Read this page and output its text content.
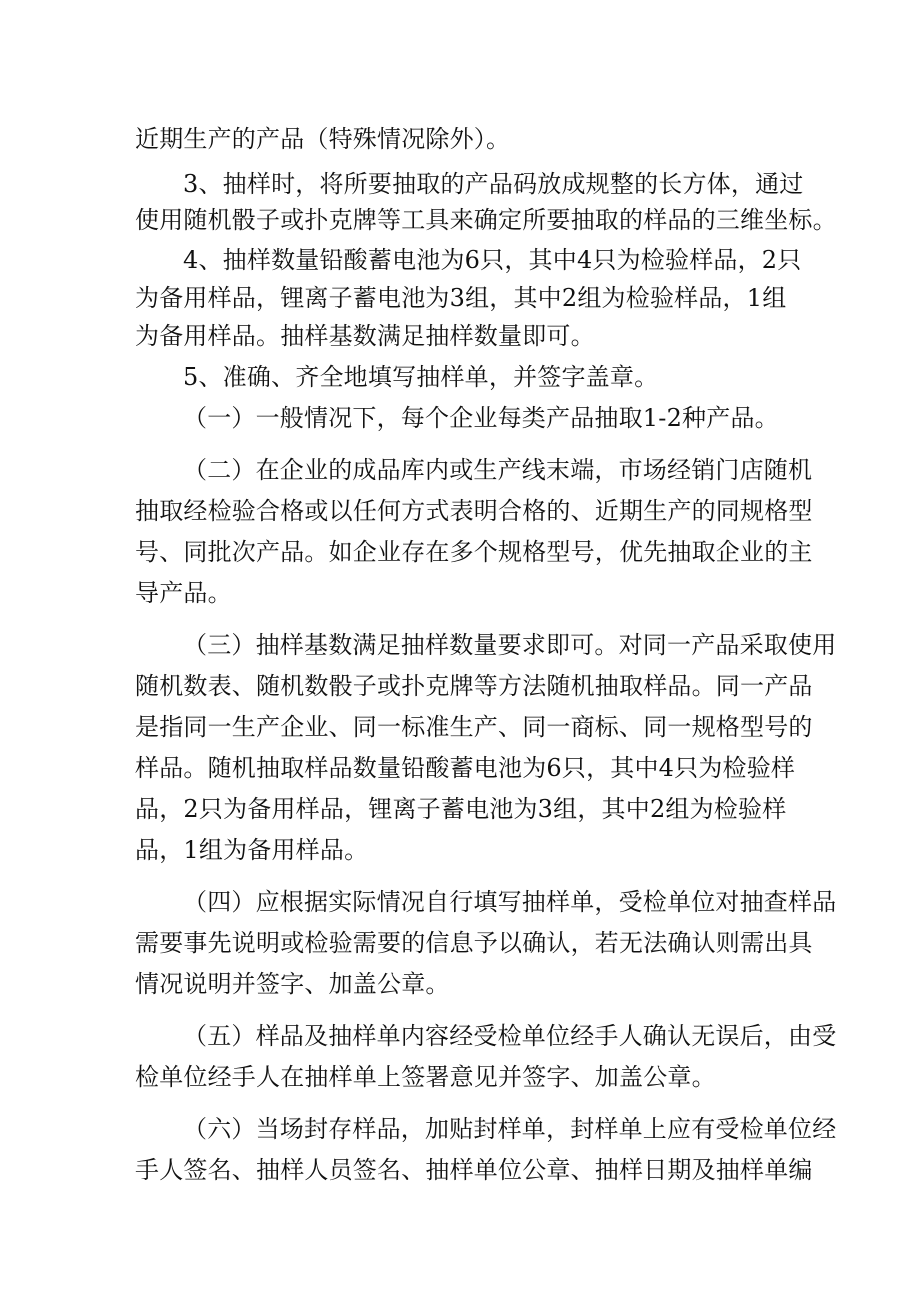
近期生产的产品（特殊情况除外）。
3、抽样时，将所要抽取的产品码放成规整的长方体，通过
使用随机骰子或扑克牌等工具来确定所要抽取的样品的三维坐标。
4、抽样数量铅酸蓄电池为6只，其中4只为检验样品，2只
为备用样品，锂离子蓄电池为3组，其中2组为检验样品，1组
为备用样品。抽样基数满足抽样数量即可。
5、准确、齐全地填写抽样单，并签字盖章。
（一）一般情况下，每个企业每类产品抽取1-2种产品。
（二）在企业的成品库内或生产线末端，市场经销门店随机
抽取经检验合格或以任何方式表明合格的、近期生产的同规格型
号、同批次产品。如企业存在多个规格型号，优先抽取企业的主
导产品。
（三）抽样基数满足抽样数量要求即可。对同一产品采取使用
随机数表、随机数骰子或扑克牌等方法随机抽取样品。同一产品
是指同一生产企业、同一标准生产、同一商标、同一规格型号的
样品。随机抽取样品数量铅酸蓄电池为6只，其中4只为检验样
品，2只为备用样品，锂离子蓄电池为3组，其中2组为检验样
品，1组为备用样品。
（四）应根据实际情况自行填写抽样单，受检单位对抽查样品
需要事先说明或检验需要的信息予以确认，若无法确认则需出具
情况说明并签字、加盖公章。
（五）样品及抽样单内容经受检单位经手人确认无误后，由受
检单位经手人在抽样单上签署意见并签字、加盖公章。
（六）当场封存样品，加贴封样单，封样单上应有受检单位经
手人签名、抽样人员签名、抽样单位公章、抽样日期及抽样单编
